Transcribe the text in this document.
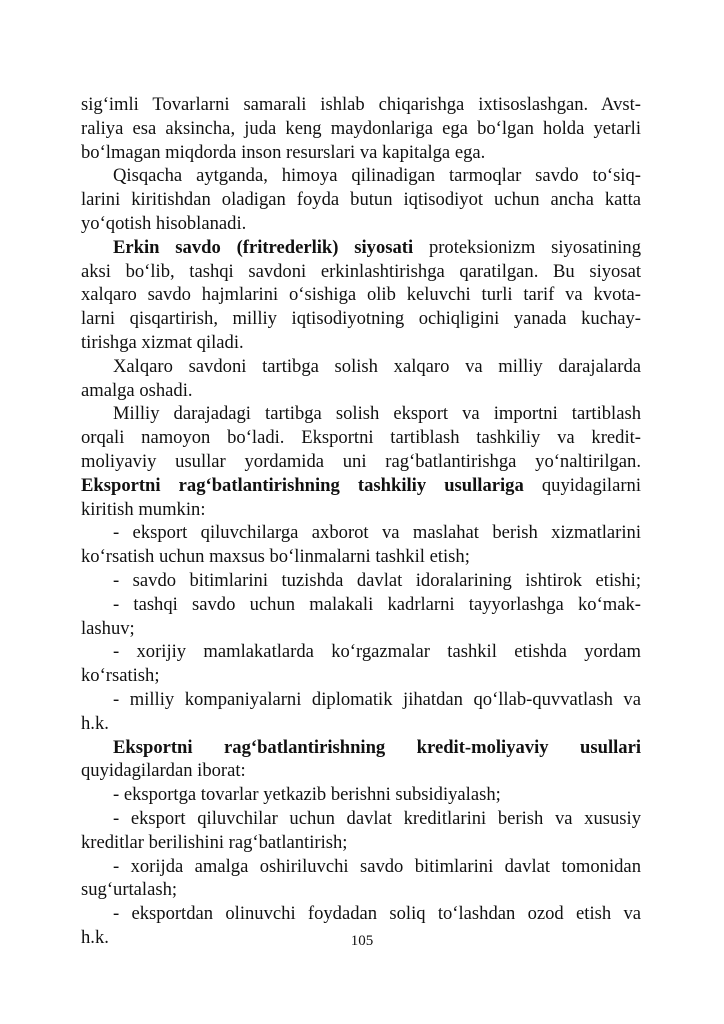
sig‘imli Tovarlarni samarali ishlab chiqarishga ixtisoslashgan. Avst-
raliya esa aksincha, juda keng maydonlariga ega bo‘lgan holda yetarli
bo‘lmagan miqdorda inson resurslari va kapitalga ega.
Qisqacha aytganda, himoya qilinadigan tarmoqlar savdo to‘siq-
larini kiritishdan oladigan foyda butun iqtisodiyot uchun ancha katta
yo‘qotish hisoblanadi.
Erkin savdo (fritrederlik) siyosati proteksionizm siyosatining
aksi bo‘lib, tashqi savdoni erkinlashtirishga qaratilgan. Bu siyosat
xalqaro savdo hajmlarini o‘sishiga olib keluvchi turli tarif va kvota-
larni qisqartirish, milliy iqtisodiyotning ochiqligini yanada kuchay-
tirishga xizmat qiladi.
Xalqaro savdoni tartibga solish xalqaro va milliy darajalarda
amalga oshadi.
Milliy darajadagi tartibga solish eksport va importni tartiblash
orqali namoyon bo‘ladi. Eksportni tartiblash tashkiliy va kredit-
moliyaviy usullar yordamida uni rag‘batlantirishga yo‘naltirilgan.
Eksportni rag‘batlantirishning tashkiliy usullariga quyidagilarni
kiritish mumkin:
- eksport qiluvchilarga axborot va maslahat berish xizmatlarini
ko‘rsatish uchun maxsus bo‘linmalarni tashkil etish;
- savdo bitimlarini tuzishda davlat idoralarining ishtirok etishi;
- tashqi savdo uchun malakali kadrlarni tayyorlashga ko‘mak-
lashuv;
- xorijiy mamlakatlarda ko‘rgazmalar tashkil etishda yordam
ko‘rsatish;
- milliy kompaniyalarni diplomatik jihatdan qo‘llab-quvvatlash va
h.k.
Eksportni rag‘batlantirishning kredit-moliyaviy usullari
quyidagilardan iborat:
- eksportga tovarlar yetkazib berishni subsidiyalash;
- eksport qiluvchilar uchun davlat kreditlarini berish va xususiy
kreditlar berilishini rag‘batlantirish;
- xorijda amalga oshiriluvchi savdo bitimlarini davlat tomonidan
sug‘urtalash;
- eksportdan olinuvchi foydadan soliq to‘lashdan ozod etish va
h.k.	105
